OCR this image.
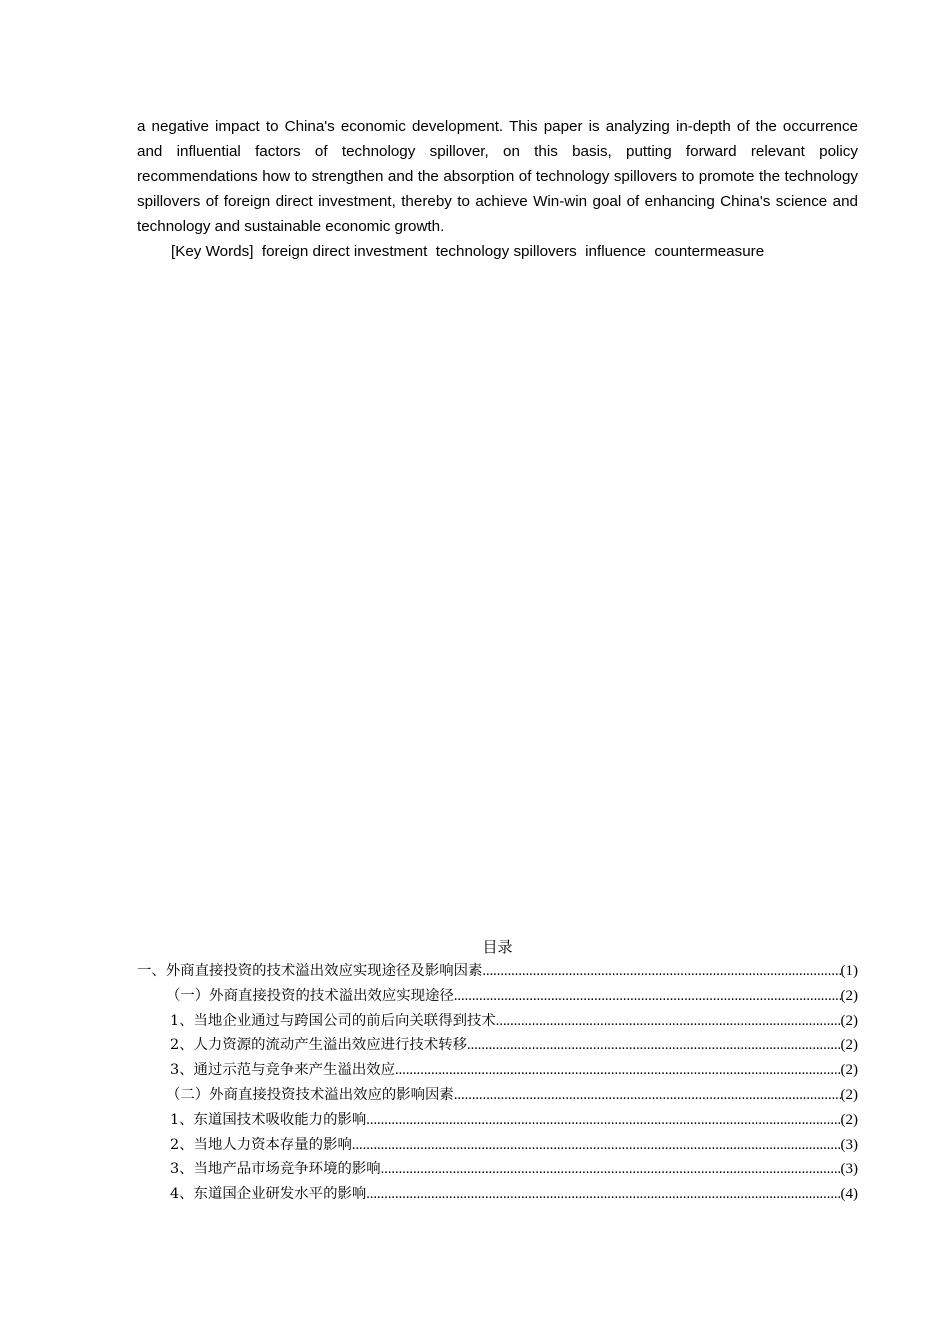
a negative impact to China's economic development. This paper is analyzing in-depth of the occurrence and influential factors of technology spillover, on this basis, putting forward relevant policy recommendations how to strengthen and the absorption of technology spillovers to promote the technology spillovers of foreign direct investment, thereby to achieve Win-win goal of enhancing China's science and technology and sustainable economic growth.

[Key Words]  foreign direct investment  technology spillovers  influence  countermeasure

目录
一、外商直接投资的技术溢出效应实现途径及影响因素 .....	(1)
（一）外商直接投资的技术溢出效应实现途径 .....	(2)
1、当地企业通过与跨国公司的前后向关联得到技术 .....	(2)
2、人力资源的流动产生溢出效应进行技术转移 .....	(2)
3、通过示范与竞争来产生溢出效应 .....	(2)
（二）外商直接投资技术溢出效应的影响因素 .....	(2)
1、东道国技术吸收能力的影响 .....	(2)
2、当地人力资本存量的影响 .....	(3)
3、当地产品市场竞争环境的影响 .....	(3)
4、东道国企业研发水平的影响 .....	(4)
